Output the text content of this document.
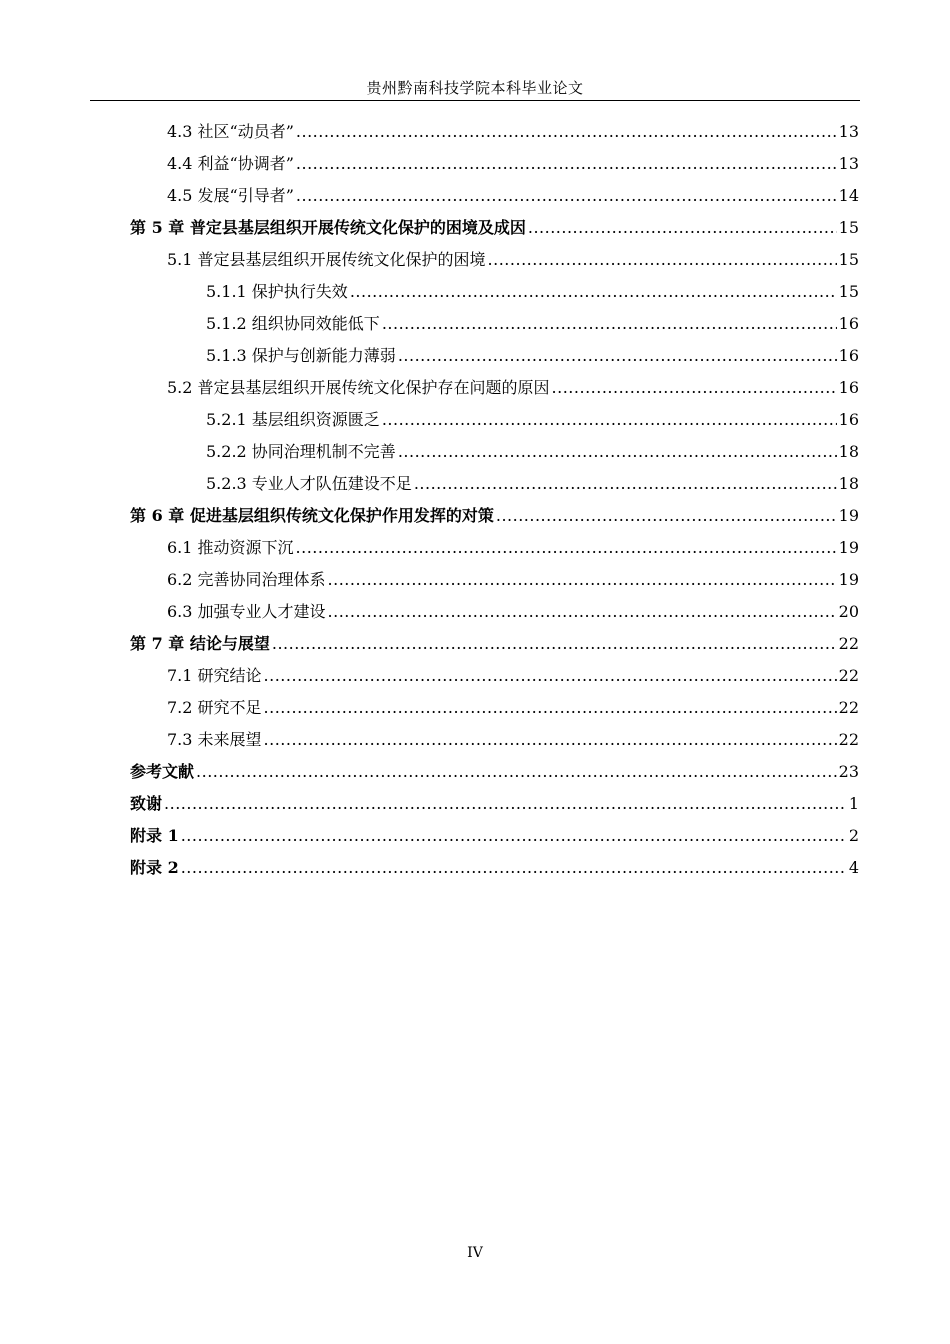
贵州黔南科技学院本科毕业论文
4.3 社区“动员者” .....	13
4.4 利益“协调者” .....	13
4.5 发展“引导者” .....	14
第 5 章 普定县基层组织开展传统文化保护的困境及成因 .....	15
5.1 普定县基层组织开展传统文化保护的困境 .....	15
5.1.1 保护执行失效 .....	15
5.1.2 组织协同效能低下 .....	16
5.1.3 保护与创新能力薄弱 .....	16
5.2 普定县基层组织开展传统文化保护存在问题的原因 .....	16
5.2.1 基层组织资源匮乏 .....	16
5.2.2 协同治理机制不完善 .....	18
5.2.3 专业人才队伍建设不足 .....	18
第 6 章 促进基层组织传统文化保护作用发挥的对策 .....	19
6.1 推动资源下沉 .....	19
6.2 完善协同治理体系 .....	19
6.3 加强专业人才建设 .....	20
第 7 章 结论与展望 .....	22
7.1 研究结论 .....	22
7.2 研究不足 .....	22
7.3 未来展望 .....	22
参考文献 .....	23
致谢 .....	1
附录 1 .....	2
附录 2 .....	4
IV
